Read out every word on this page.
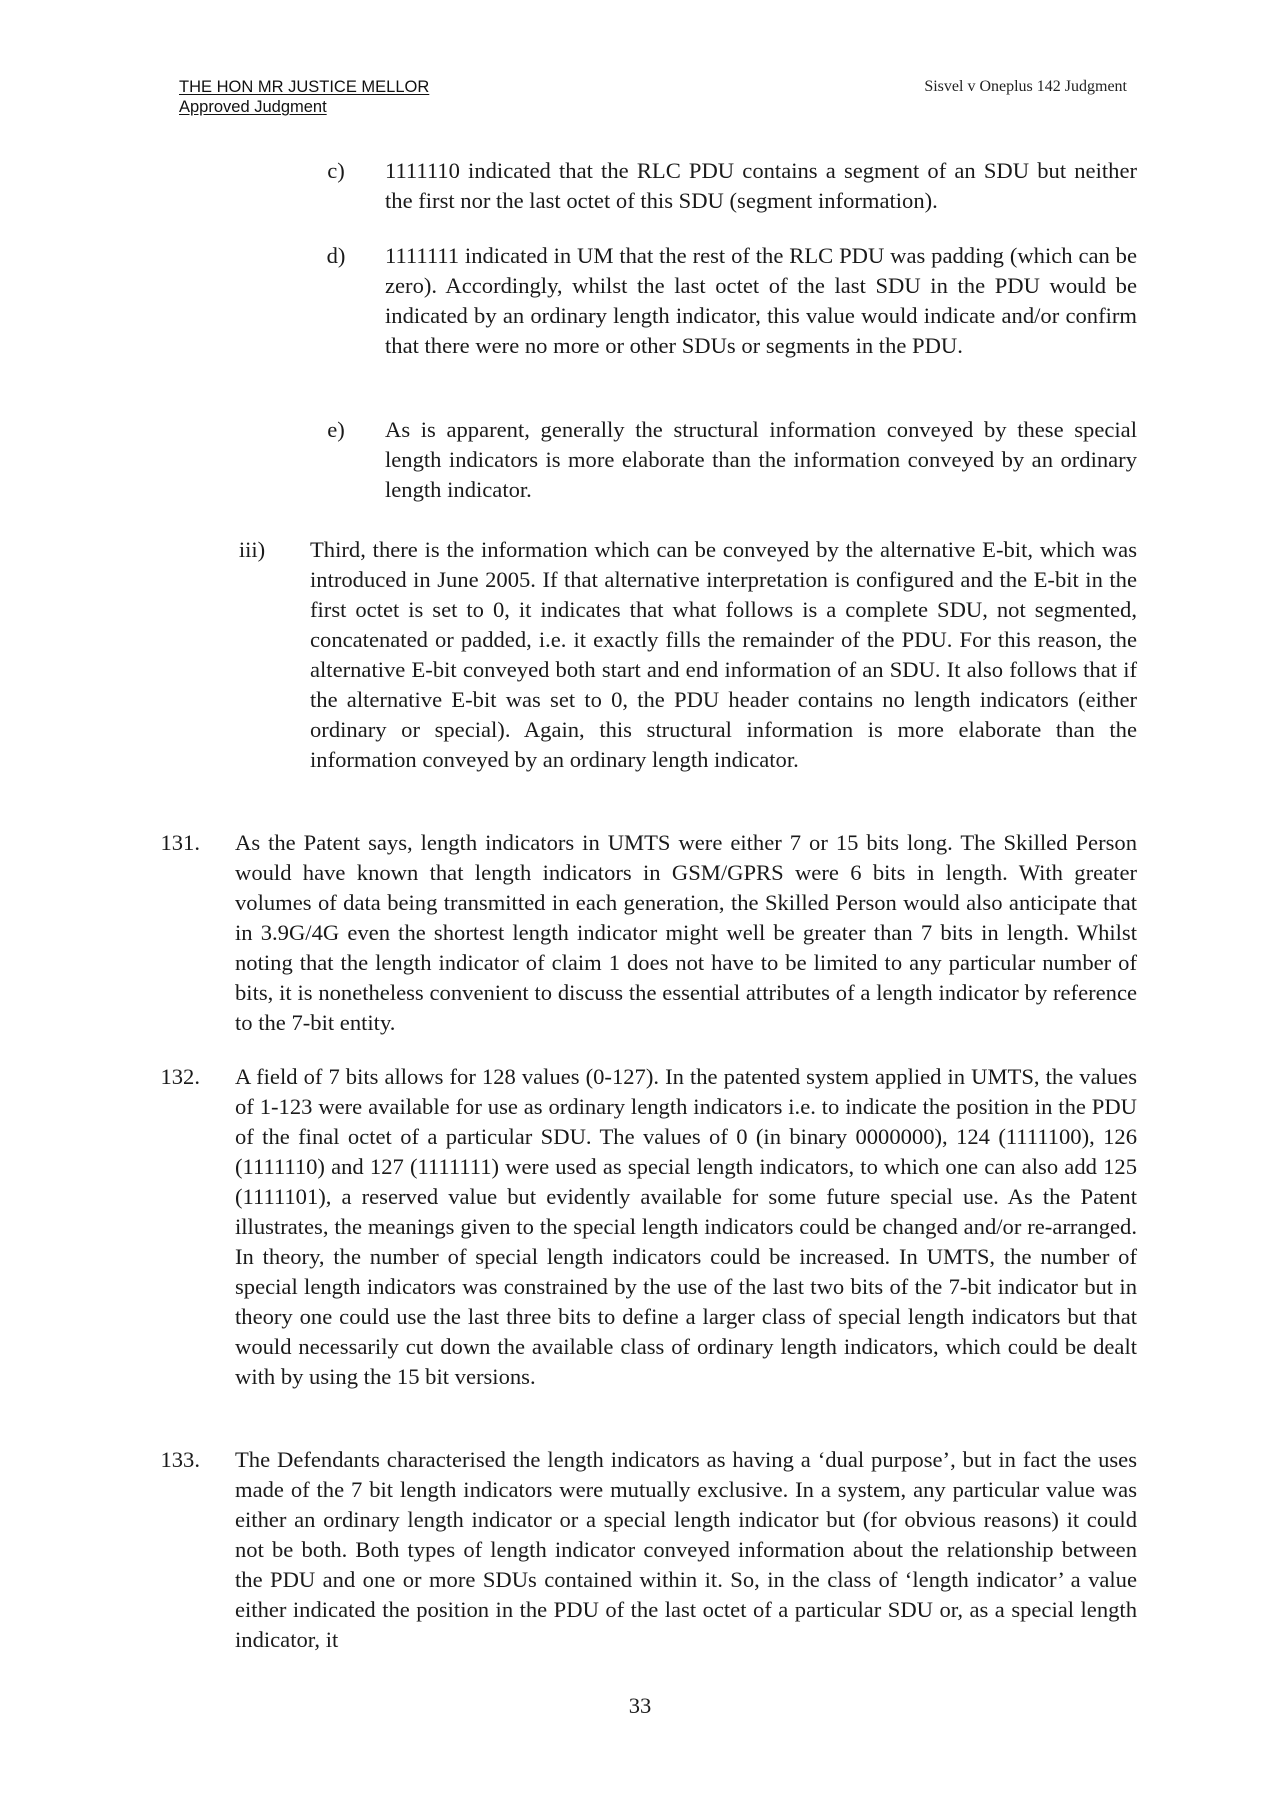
THE HON MR JUSTICE MELLOR
Approved Judgment
Sisvel v Oneplus 142 Judgment
c)	1111110 indicated that the RLC PDU contains a segment of an SDU but neither the first nor the last octet of this SDU (segment information).
d)	1111111 indicated in UM that the rest of the RLC PDU was padding (which can be zero). Accordingly, whilst the last octet of the last SDU in the PDU would be indicated by an ordinary length indicator, this value would indicate and/or confirm that there were no more or other SDUs or segments in the PDU.
e)	As is apparent, generally the structural information conveyed by these special length indicators is more elaborate than the information conveyed by an ordinary length indicator.
iii)	Third, there is the information which can be conveyed by the alternative E-bit, which was introduced in June 2005. If that alternative interpretation is configured and the E-bit in the first octet is set to 0, it indicates that what follows is a complete SDU, not segmented, concatenated or padded, i.e. it exactly fills the remainder of the PDU. For this reason, the alternative E-bit conveyed both start and end information of an SDU. It also follows that if the alternative E-bit was set to 0, the PDU header contains no length indicators (either ordinary or special). Again, this structural information is more elaborate than the information conveyed by an ordinary length indicator.
131. As the Patent says, length indicators in UMTS were either 7 or 15 bits long. The Skilled Person would have known that length indicators in GSM/GPRS were 6 bits in length. With greater volumes of data being transmitted in each generation, the Skilled Person would also anticipate that in 3.9G/4G even the shortest length indicator might well be greater than 7 bits in length. Whilst noting that the length indicator of claim 1 does not have to be limited to any particular number of bits, it is nonetheless convenient to discuss the essential attributes of a length indicator by reference to the 7-bit entity.
132. A field of 7 bits allows for 128 values (0-127). In the patented system applied in UMTS, the values of 1-123 were available for use as ordinary length indicators i.e. to indicate the position in the PDU of the final octet of a particular SDU. The values of 0 (in binary 0000000), 124 (1111100), 126 (1111110) and 127 (1111111) were used as special length indicators, to which one can also add 125 (1111101), a reserved value but evidently available for some future special use. As the Patent illustrates, the meanings given to the special length indicators could be changed and/or re-arranged. In theory, the number of special length indicators could be increased. In UMTS, the number of special length indicators was constrained by the use of the last two bits of the 7-bit indicator but in theory one could use the last three bits to define a larger class of special length indicators but that would necessarily cut down the available class of ordinary length indicators, which could be dealt with by using the 15 bit versions.
133. The Defendants characterised the length indicators as having a ‘dual purpose’, but in fact the uses made of the 7 bit length indicators were mutually exclusive. In a system, any particular value was either an ordinary length indicator or a special length indicator but (for obvious reasons) it could not be both. Both types of length indicator conveyed information about the relationship between the PDU and one or more SDUs contained within it. So, in the class of ‘length indicator’ a value either indicated the position in the PDU of the last octet of a particular SDU or, as a special length indicator, it
33
